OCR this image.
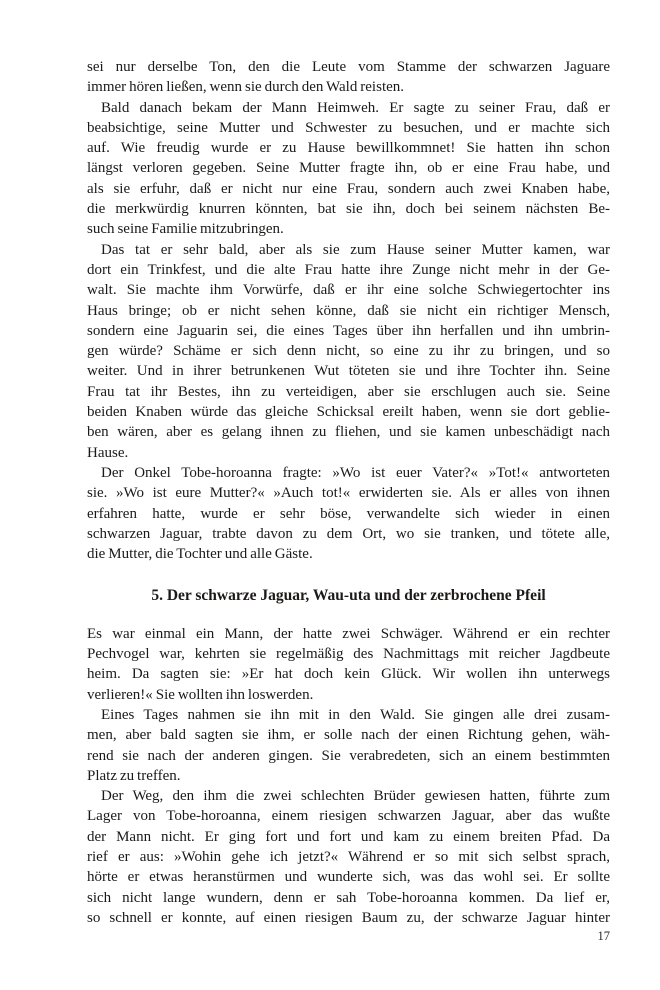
sei nur derselbe Ton, den die Leute vom Stamme der schwarzen Jaguare
immer hören ließen, wenn sie durch den Wald reisten.
Bald danach bekam der Mann Heimweh. Er sagte zu seiner Frau, daß er
beabsichtige, seine Mutter und Schwester zu besuchen, und er machte sich
auf. Wie freudig wurde er zu Hause bewillkommnet! Sie hatten ihn schon
längst verloren gegeben. Seine Mutter fragte ihn, ob er eine Frau habe, und
als sie erfuhr, daß er nicht nur eine Frau, sondern auch zwei Knaben habe,
die merkwürdig knurren könnten, bat sie ihn, doch bei seinem nächsten Be-
such seine Familie mitzubringen.
Das tat er sehr bald, aber als sie zum Hause seiner Mutter kamen, war
dort ein Trinkfest, und die alte Frau hatte ihre Zunge nicht mehr in der Ge-
walt. Sie machte ihm Vorwürfe, daß er ihr eine solche Schwiegertochter ins
Haus bringe; ob er nicht sehen könne, daß sie nicht ein richtiger Mensch,
sondern eine Jaguarin sei, die eines Tages über ihn herfallen und ihn umbrin-
gen würde? Schäme er sich denn nicht, so eine zu ihr zu bringen, und so
weiter. Und in ihrer betrunkenen Wut töteten sie und ihre Tochter ihn. Seine
Frau tat ihr Bestes, ihn zu verteidigen, aber sie erschlugen auch sie. Seine
beiden Knaben würde das gleiche Schicksal ereilt haben, wenn sie dort geblie-
ben wären, aber es gelang ihnen zu fliehen, und sie kamen unbeschädigt nach
Hause.
Der Onkel Tobe-horoanna fragte: »Wo ist euer Vater?« »Tot!« antworteten
sie. »Wo ist eure Mutter?« »Auch tot!« erwiderten sie. Als er alles von ihnen
erfahren hatte, wurde er sehr böse, verwandelte sich wieder in einen
schwarzen Jaguar, trabte davon zu dem Ort, wo sie tranken, und tötete alle,
die Mutter, die Tochter und alle Gäste.
5. Der schwarze Jaguar, Wau-uta und der zerbrochene Pfeil
Es war einmal ein Mann, der hatte zwei Schwäger. Während er ein rechter
Pechvogel war, kehrten sie regelmäßig des Nachmittags mit reicher Jagdbeute
heim. Da sagten sie: »Er hat doch kein Glück. Wir wollen ihn unterwegs
verlieren!« Sie wollten ihn loswerden.
Eines Tages nahmen sie ihn mit in den Wald. Sie gingen alle drei zusam-
men, aber bald sagten sie ihm, er solle nach der einen Richtung gehen, wäh-
rend sie nach der anderen gingen. Sie verabredeten, sich an einem bestimmten
Platz zu treffen.
Der Weg, den ihm die zwei schlechten Brüder gewiesen hatten, führte zum
Lager von Tobe-horoanna, einem riesigen schwarzen Jaguar, aber das wußte
der Mann nicht. Er ging fort und fort und kam zu einem breiten Pfad. Da
rief er aus: »Wohin gehe ich jetzt?« Während er so mit sich selbst sprach,
hörte er etwas heranstürmen und wunderte sich, was das wohl sei. Er sollte
sich nicht lange wundern, denn er sah Tobe-horoanna kommen. Da lief er,
so schnell er konnte, auf einen riesigen Baum zu, der schwarze Jaguar hinter
17
